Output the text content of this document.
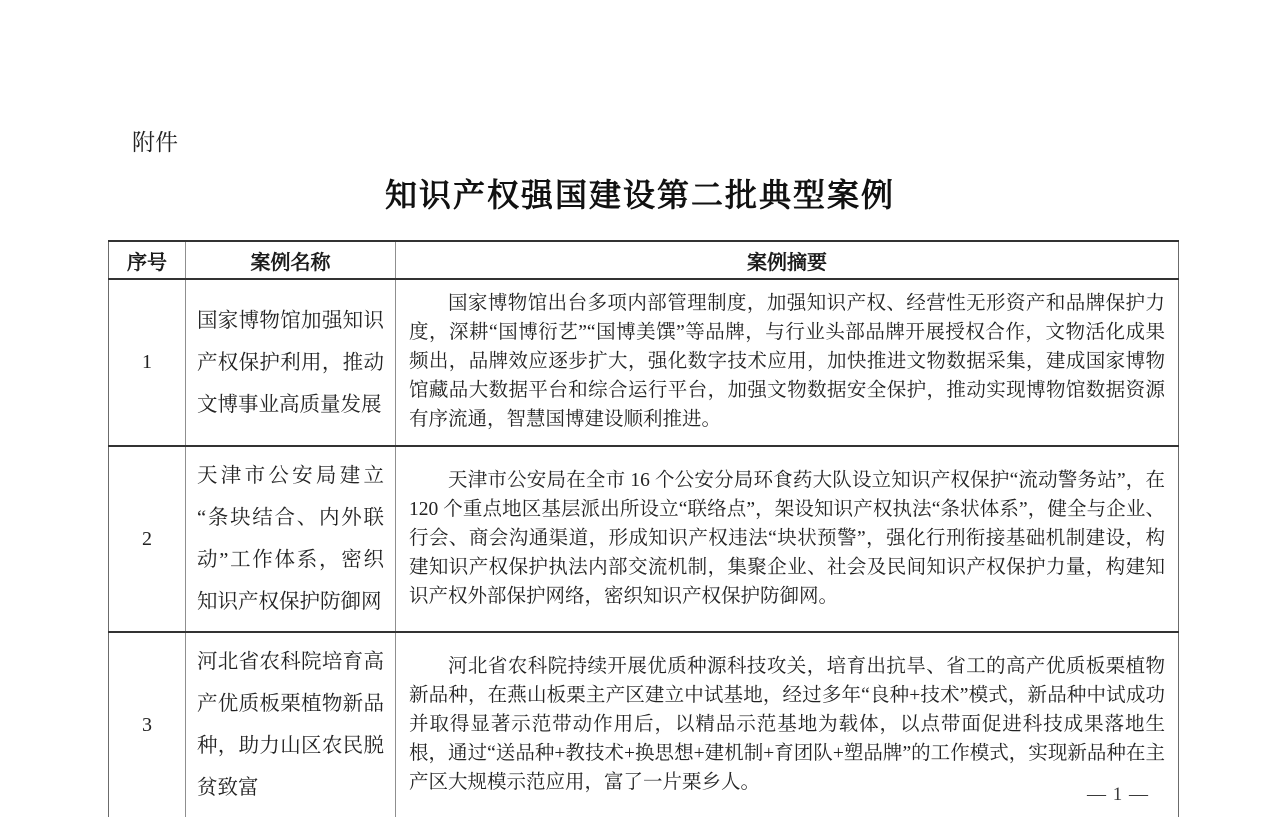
附件
知识产权强国建设第二批典型案例
序号	案例名称	案例摘要
1	国家博物馆加强知识产权保护利用，推动文博事业高质量发展	国家博物馆出台多项内部管理制度，加强知识产权、经营性无形资产和品牌保护力度，深耕“国博衍艺”“国博美馔”等品牌，与行业头部品牌开展授权合作，文物活化成果频出，品牌效应逐步扩大，强化数字技术应用，加快推进文物数据采集，建成国家博物馆藏品大数据平台和综合运行平台，加强文物数据安全保护，推动实现博物馆数据资源有序流通，智慧国博建设顺利推进。

2	天津市公安局建立“条块结合、内外联动”工作体系，密织知识产权保护防御网	天津市公安局在全市 16 个公安分局环食药大队设立知识产权保护“流动警务站”，在 120 个重点地区基层派出所设立“联络点”，架设知识产权执法“条状体系”，健全与企业、行会、商会沟通渠道，形成知识产权违法“块状预警”，强化行刑衔接基础机制建设，构建知识产权保护执法内部交流机制，集聚企业、社会及民间知识产权保护力量，构建知识产权外部保护网络，密织知识产权保护防御网。

3	河北省农科院培育高产优质板栗植物新品种，助力山区农民脱贫致富	河北省农科院持续开展优质种源科技攻关，培育出抗旱、省工的高产优质板栗植物新品种，在燕山板栗主产区建立中试基地，经过多年“良种+技术”模式，新品种中试成功并取得显著示范带动作用后，以精品示范基地为载体，以点带面促进科技成果落地生根，通过“送品种+教技术+换思想+建机制+育团队+塑品牌”的工作模式，实现新品种在主产区大规模示范应用，富了一片栗乡人。

— 1 —
